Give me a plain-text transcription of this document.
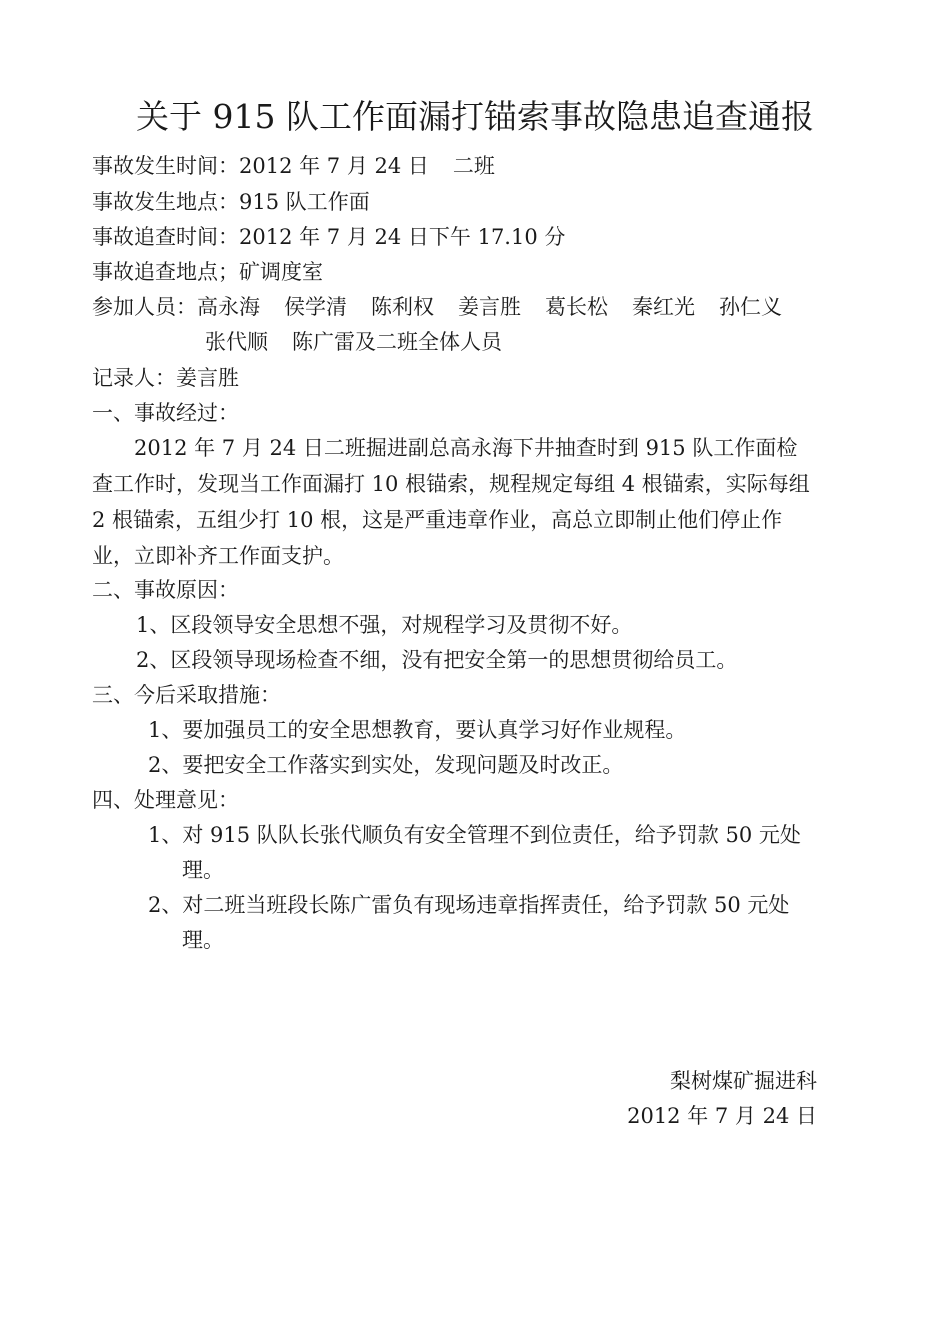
关于 915 队工作面漏打锚索事故隐患追查通报
事故发生时间：2012 年 7 月 24 日 二班
事故发生地点：915 队工作面
事故追查时间：2012 年 7 月 24 日下午 17.10 分
事故追查地点；矿调度室
参加人员：高永海 侯学清 陈利权 姜言胜 葛长松 秦红光 孙仁义
张代顺 陈广雷及二班全体人员
记录人：姜言胜
一、事故经过：
2012 年 7 月 24 日二班掘进副总高永海下井抽查时到 915 队工作面检查工作时，发现当工作面漏打 10 根锚索，规程规定每组 4 根锚索，实际每组 2 根锚索，五组少打 10 根，这是严重违章作业，高总立即制止他们停止作业，立即补齐工作面支护。
二、事故原因：
1、区段领导安全思想不强，对规程学习及贯彻不好。
2、区段领导现场检查不细，没有把安全第一的思想贯彻给员工。
三、今后采取措施：
1、要加强员工的安全思想教育，要认真学习好作业规程。
2、要把安全工作落实到实处，发现问题及时改正。
四、处理意见：
1、对 915 队队长张代顺负有安全管理不到位责任，给予罚款 50 元处
理。
2、对二班当班段长陈广雷负有现场违章指挥责任，给予罚款 50 元处
理。
梨树煤矿掘进科
2012 年 7 月 24 日
